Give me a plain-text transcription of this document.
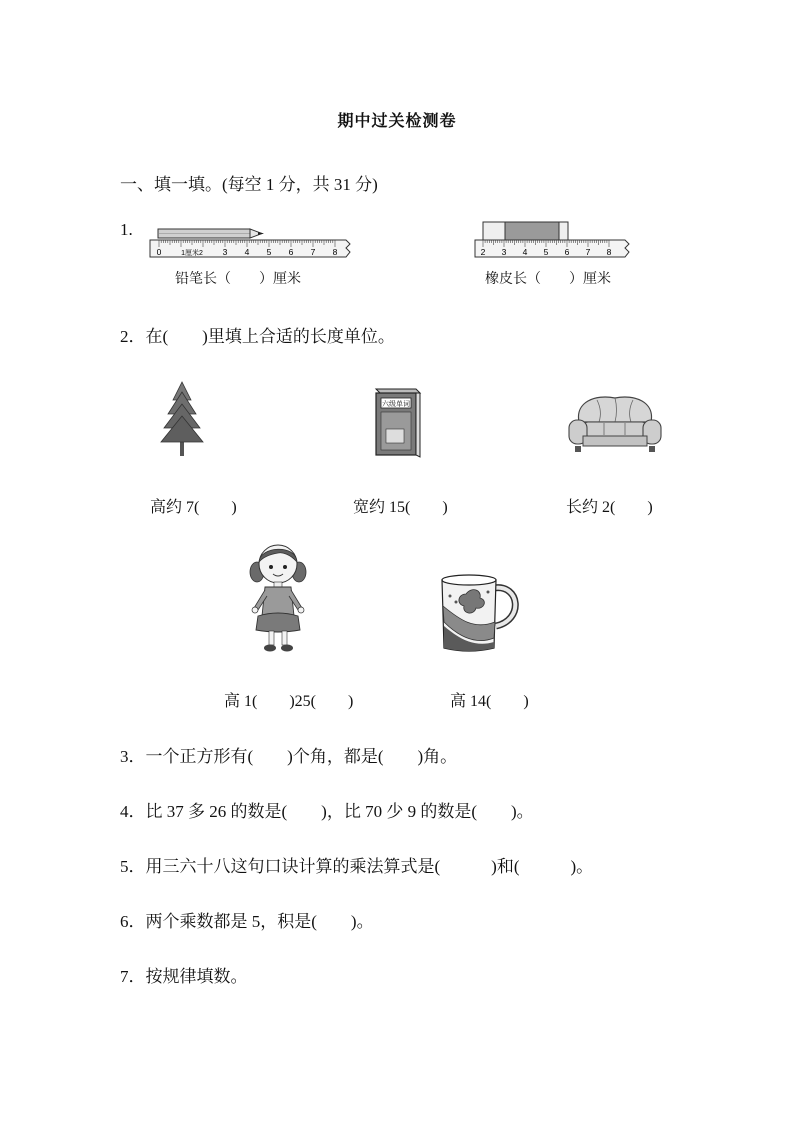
期中过关检测卷
一、填一填。(每空 1 分，共 31 分)
1.
0	1厘米2 3 4 5 6 7 8
铅笔长（　　）厘米
2 3 4 5 6 7 8
橡皮长（　　）厘米
2．在(　　)里填上合适的长度单位。
六级单词
高约 7(　　)	宽约 15(　　)	长约 2(　　)
高 1(　　)25(　　)	高 14(　　)
3．一个正方形有(　　)个角，都是(　　)角。
4．比 37 多 26 的数是(　　)，比 70 少 9 的数是(　　)。
5．用三六十八这句口诀计算的乘法算式是(　　　)和(　　　)。
6．两个乘数都是 5，积是(　　)。
7．按规律填数。
